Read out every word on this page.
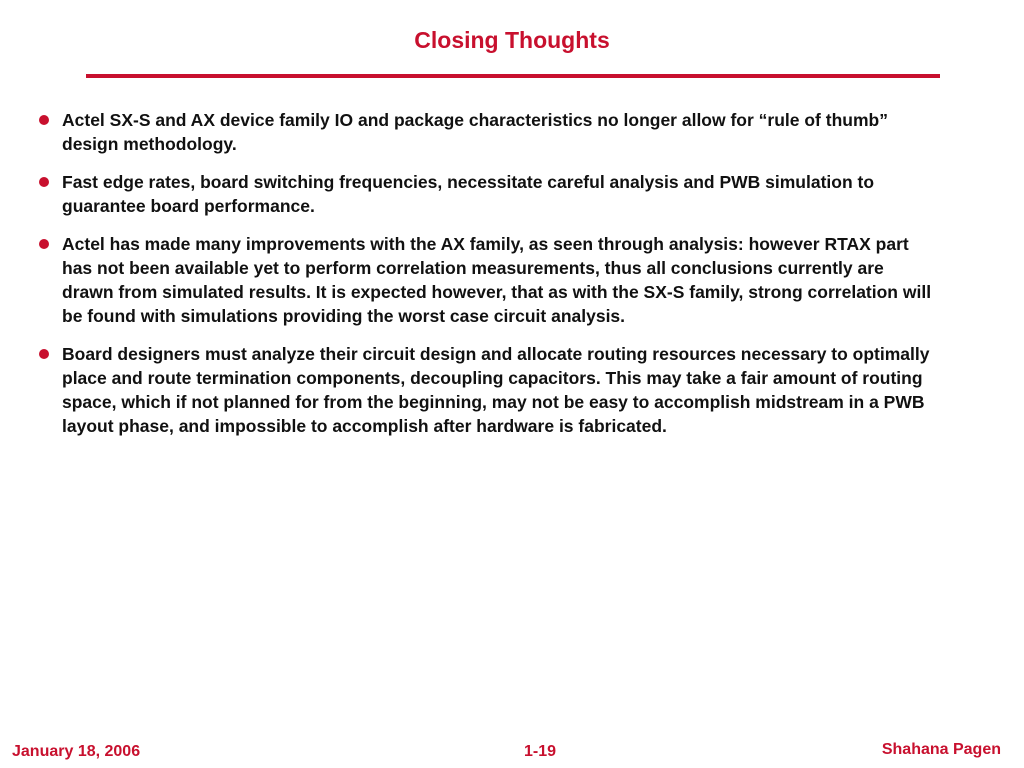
Closing Thoughts
Actel SX-S and AX device family IO and package characteristics no longer allow for “rule of thumb” design methodology.
Fast edge rates, board switching frequencies, necessitate careful analysis and PWB simulation to guarantee board performance.
Actel has made many improvements with the AX family, as seen through analysis: however RTAX part has not been available yet to perform correlation measurements, thus all conclusions currently are drawn from simulated results. It is expected however, that as with the SX-S family, strong correlation will be found with simulations providing the worst case circuit analysis.
Board designers must analyze their circuit design and allocate routing resources necessary to optimally place and route termination components, decoupling capacitors. This may take a fair amount of routing space, which if not planned for from the beginning, may not be easy to accomplish midstream in a PWB layout phase, and impossible to accomplish after hardware is fabricated.
January 18, 2006	1-19	Shahana Pagen
